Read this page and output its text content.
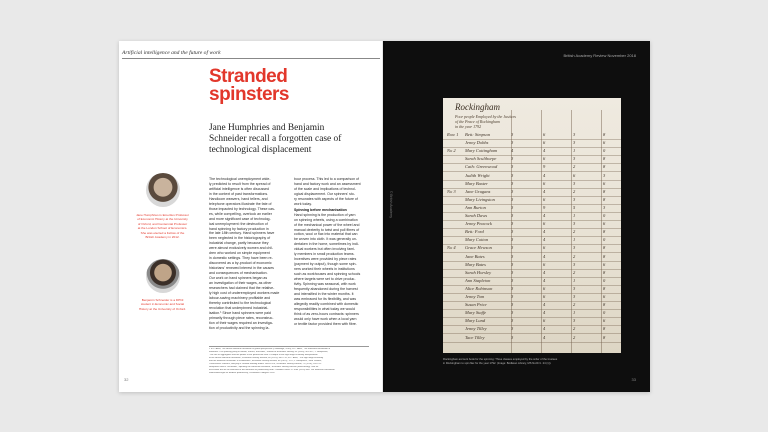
Artificial intelligence and the future of work
Stranded
spinsters
Jane Humphries and Benjamin
Schneider recall a forgotten case of
technological displacement
Jane Humphries is Emeritus Professor
of Economic History at the University
of Oxford, and Centennial Professor
at the London School of Economics.
She was elected a Fellow of the
British Academy in 2012.
Benjamin Schneider is a DPhil
student in Economic and Social
History at the University of Oxford.
The technological unemployment wide-
ly predicted to result from the spread of
artificial intelligence is often discussed
in the context of past transformations.
Handloom weavers, hand tellers, and
telephone operators illustrate the fate of
those impacted by technology. These cas-
es, while compelling, overlook an earlier
and more significant case of technolog-
ical unemployment: the destruction of
hand spinning by factory production in
the late 18th century. Hand spinners have
been neglected in the historiography of
industrial change, partly because they
were almost exclusively women and chil-
dren who worked on simple equipment
in domestic settings. They have been re-
discovered as a by-product of economic
historians' renewed interest in the causes
and consequences of mechanisation.
Our work on hand spinners began as
an investigation of their wages, as other
researchers had claimed that the relative-
ly high cost of underemployed workers made
labour-saving machinery profitable and
thereby contributed to the technological
revolution that underpinned industrial-
isation.¹ Since hand spinners were paid
primarily through piece rates, reconstruc-
tion of their wages required an investiga-
tion of productivity and the spinning la-
bour process. This led to a comparison of
hand and factory work and an assessment
of the scale and implications of technol-
ogical displacement. Our spinners' sto-
ry resonates with aspects of the future of
work today.
Spinning before mechanisation
Hand spinning is the production of yarn
on spinning wheels, using a combination
of the mechanical power of the wheel and
manual dexterity to twist and pull fibres of
cotton, wool or flax into material that can
be woven into cloth. It was generally un-
dertaken in the home, sometimes by indi-
vidual workers but often involving fami-
ly members in small production teams.
Incentives were provided by piece rates
(payment by output), though some spin-
ners worked their wheels in institutions
such as workhouses and spinning schools
where targets were set to drive produc-
tivity. Spinning was seasonal, with work
frequently abandoned during the harvest
and intensified in the winter months. It
was embraced for its flexibility, and was
allegedly readily combined with domestic
responsibilities in what today we would
think of as zero-hours contracts: spinners
would only have work when a local yarn
or textile factor provided them with fibre.
1 R.C. Allen, The British industrial revolution in global perspective (Cambridge, 2009); R.C. Allen, 'The Industrial Revolution in
Miniature: The spinning jenny in Britain, France, and India', Journal of Economic History, 69 (2009), 901-927; J. Humphries,
'The lure of aggregates and the pitfalls of the patriarchal view: a critique of the high wage economy interpretation
of the British industrial revolution', Economic History Review, 66 (2013), 693-714; R.C. Allen, 'The high wage economy
and the industrial revolution: a restatement', Economic History Review, 68 (2015), 1-22; J. Humphries, 'Stan' Weberr,
Confessions: workers, and pay in London building trades 1800-1920', Economic History Review, 71 (2018), 932-212.
Humphries and B. Schneider, 'Spinning the industrial revolution', Economic History Review (forthcoming). See an
accessible text for an overview of the literature on productivity from 'Crowded Views 37 June (2018) and 'The Industrial Revolution
understated light on modern productivity', Economist 4 August 2018.
32
British Academy Review November 2018
© British Academy
Rockingham
Poor people Employed by the Justices
of the Peace of Rockingham
in the year 1792
Row 1 Bett: Simpson	3	6	3	8
Jenny Dobbs	3	6	3	6
No 2 Mary Cottingham	4	4	1	0
Sarah Sculthorpe	3	6	3	8
Cath: Greenwood	3	9	2	8
Judith Wright	3	4	6	3
Mary Baxter	3	6	3	6
No 3 Jane Grugans	3	4	2	8
Mary Livingston	3	6	3	8
Ann Burton	3	9	5	3
Sarah Daws	3	4	1	0
Jenny Peacock	3	6	3	6
Bett: Ford	3	4	2	8
Mary Cotton	3	4	1	0
No 4 Grace Hewson	3	6	3	8
Jane Bates	3	4	2	8
Mary Bates	3	6	3	6
Sarah Horsley	3	4	2	8
Ann Stapleton	3	4	1	0
Alice Robinson	3	6	3	8
Jenny Tom	3	6	3	6
Susan Price	3	4	2	8
Mary Staffe	3	4	1	0
Mary Lund	3	6	3	6
Jenny Tilley	3	4	2	8
Tace Tilley	3	4	2	8
Rockingham account book for the spinning: Three classes employed by the order of the trustees
in Rockingham to spin flax for the year 1792. (Image: Bodleian Library, MS North b. 24 (1)).
33
